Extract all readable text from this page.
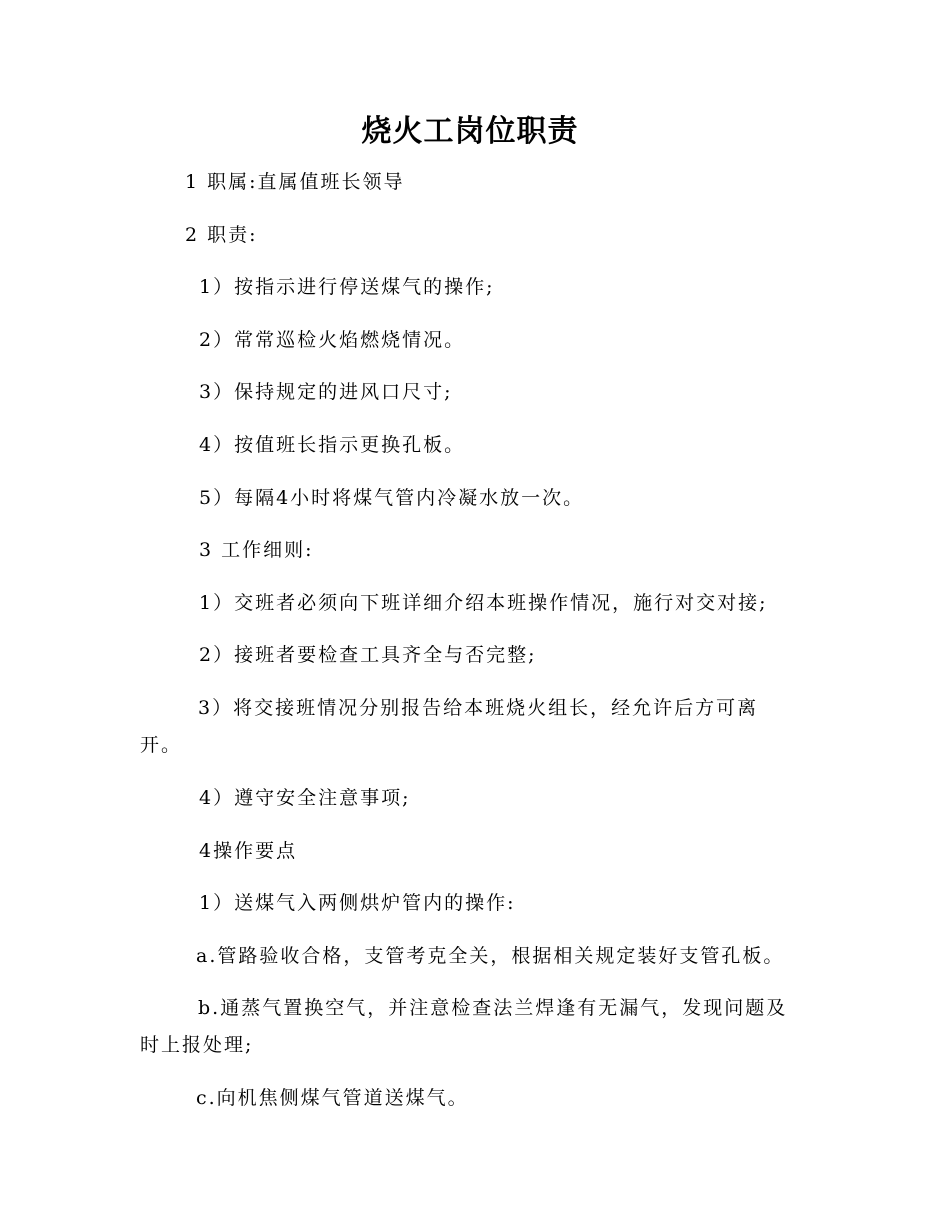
烧火工岗位职责
1 职属:直属值班长领导
2 职责:
1）按指示进行停送煤气的操作;
2）常常巡检火焰燃烧情况。
3）保持规定的进风口尺寸;
4）按值班长指示更换孔板。
5）每隔4小时将煤气管内冷凝水放一次。
3 工作细则:
1）交班者必须向下班详细介绍本班操作情况，施行对交对接;
2）接班者要检查工具齐全与否完整;
3）将交接班情况分别报告给本班烧火组长，经允许后方可离
开。
4）遵守安全注意事项;
4操作要点
1）送煤气入两侧烘炉管内的操作:
a.管路验收合格，支管考克全关，根据相关规定装好支管孔板。
b.通蒸气置换空气，并注意检查法兰焊逢有无漏气，发现问题及
时上报处理;
c.向机焦侧煤气管道送煤气。
